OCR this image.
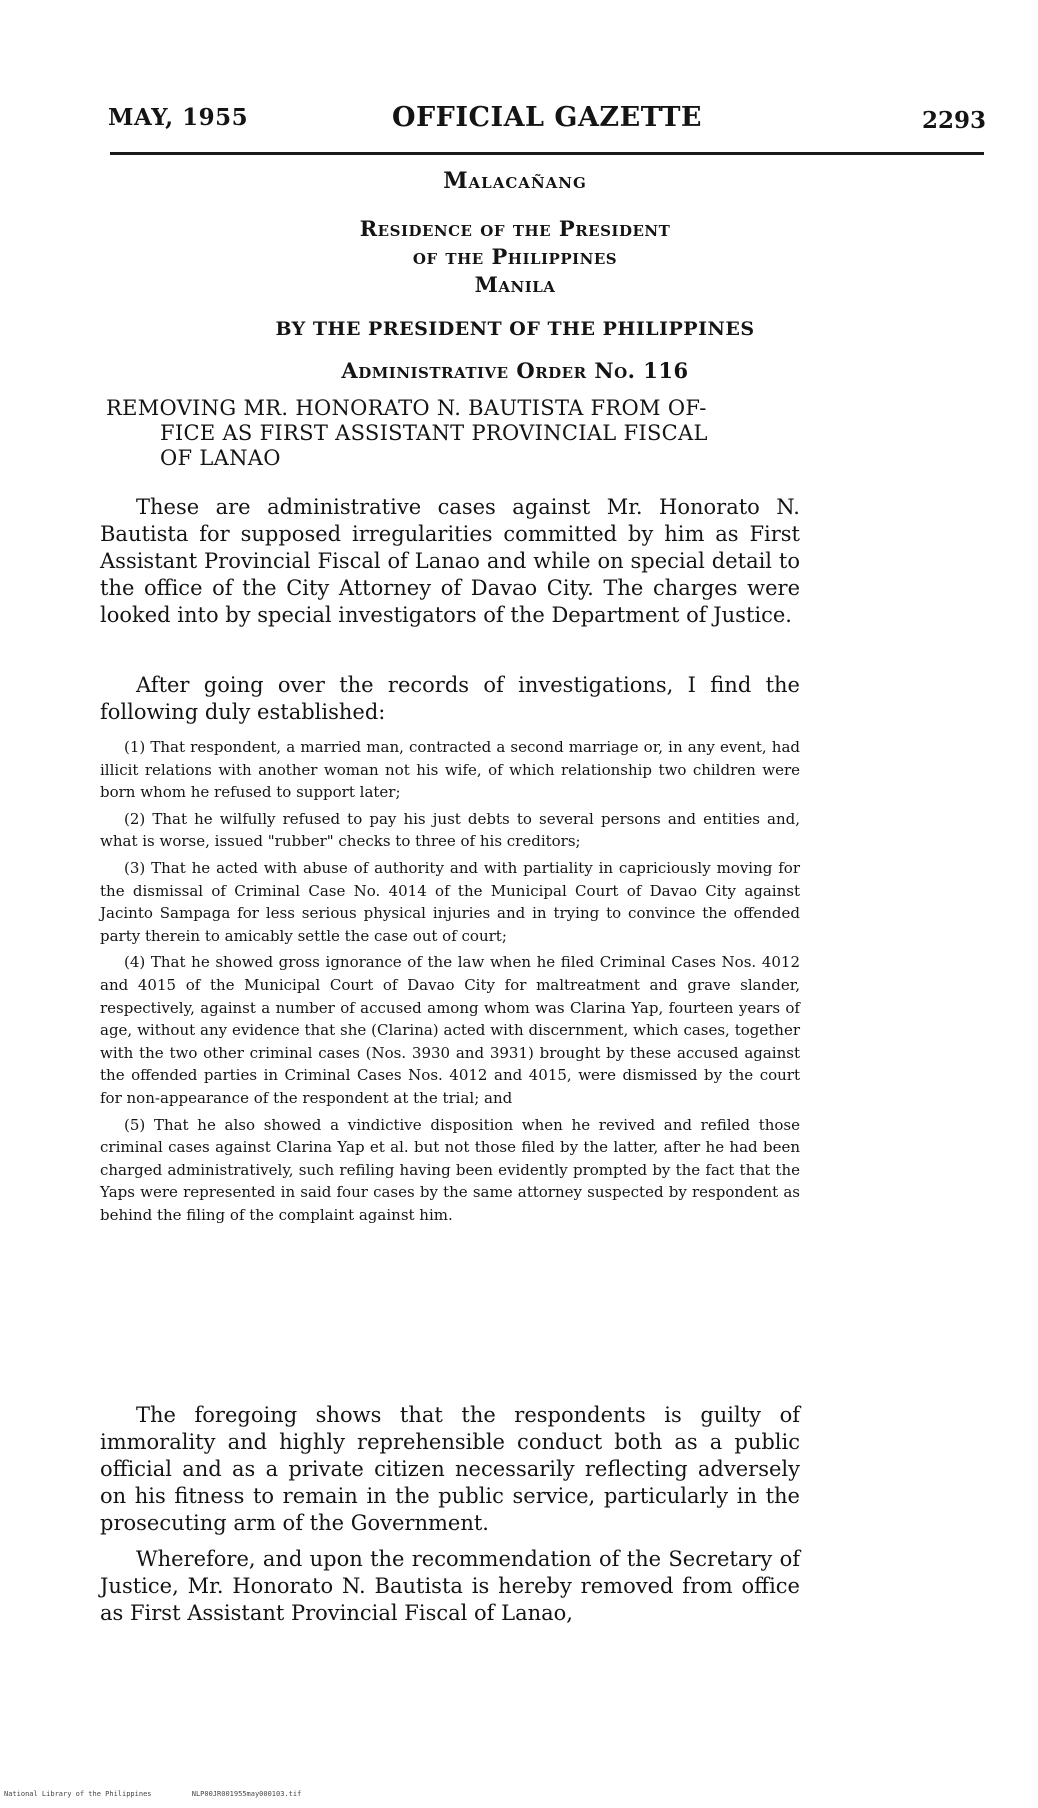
MAY, 1955	OFFICIAL GAZETTE	2293
Malacañang
Residence of the President
of the Philippines
Manila
BY THE PRESIDENT OF THE PHILIPPINES
Administrative Order No. 116
REMOVING MR. HONORATO N. BAUTISTA FROM OF-
FICE AS FIRST ASSISTANT PROVINCIAL FISCAL
OF LANAO

These are administrative cases against Mr. Honorato N. Bautista for supposed irregularities committed by him as First Assistant Provincial Fiscal of Lanao and while on special detail to the office of the City Attorney of Davao City. The charges were looked into by special investigators of the Department of Justice.

After going over the records of investigations, I find the following duly established:

(1) That respondent, a married man, contracted a second marriage or, in any event, had illicit relations with another woman not his wife, of which relationship two children were born whom he refused to support later;

(2) That he wilfully refused to pay his just debts to several persons and entities and, what is worse, issued "rubber" checks to three of his creditors;

(3) That he acted with abuse of authority and with partiality in capriciously moving for the dismissal of Criminal Case No. 4014 of the Municipal Court of Davao City against Jacinto Sampaga for less serious physical injuries and in trying to convince the offended party therein to amicably settle the case out of court;

(4) That he showed gross ignorance of the law when he filed Criminal Cases Nos. 4012 and 4015 of the Municipal Court of Davao City for maltreatment and grave slander, respectively, against a number of accused among whom was Clarina Yap, fourteen years of age, without any evidence that she (Clarina) acted with discernment, which cases, together with the two other criminal cases (Nos. 3930 and 3931) brought by these accused against the offended parties in Criminal Cases Nos. 4012 and 4015, were dismissed by the court for non-appearance of the respondent at the trial; and

(5) That he also showed a vindictive disposition when he revived and refiled those criminal cases against Clarina Yap et al. but not those filed by the latter, after he had been charged administratively, such refiling having been evidently prompted by the fact that the Yaps were represented in said four cases by the same attorney suspected by respondent as behind the filing of the complaint against him.

The foregoing shows that the respondents is guilty of immorality and highly reprehensible conduct both as a public official and as a private citizen necessarily reflecting adversely on his fitness to remain in the public service, particularly in the prosecuting arm of the Government.

Wherefore, and upon the recommendation of the Secretary of Justice, Mr. Honorato N. Bautista is hereby removed from office as First Assistant Provincial Fiscal of Lanao,

National Library of the Philippines	NLP00JR001955may000103.tif
